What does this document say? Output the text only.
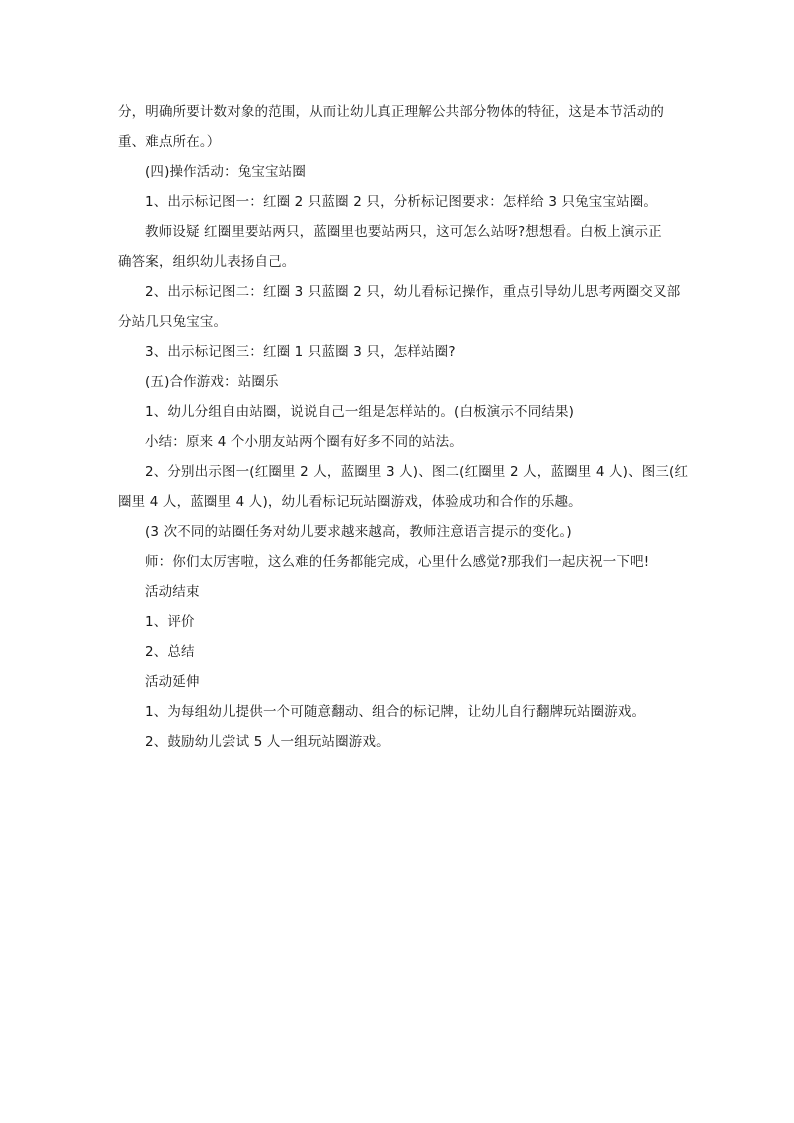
分，明确所要计数对象的范围，从而让幼儿真正理解公共部分物体的特征，这是本节活动的

重、难点所在。）

(四)操作活动：兔宝宝站圈

1、出示标记图一：红圈 2 只蓝圈 2 只，分析标记图要求：怎样给 3 只兔宝宝站圈。

教师设疑 红圈里要站两只，蓝圈里也要站两只，这可怎么站呀?想想看。白板上演示正

确答案，组织幼儿表扬自己。

2、出示标记图二：红圈 3 只蓝圈 2 只，幼儿看标记操作，重点引导幼儿思考两圈交叉部

分站几只兔宝宝。

3、出示标记图三：红圈 1 只蓝圈 3 只，怎样站圈?

(五)合作游戏：站圈乐

1、幼儿分组自由站圈，说说自己一组是怎样站的。(白板演示不同结果)

小结：原来 4 个小朋友站两个圈有好多不同的站法。

2、分别出示图一(红圈里 2 人，蓝圈里 3 人)、图二(红圈里 2 人，蓝圈里 4 人)、图三(红

圈里 4 人，蓝圈里 4 人)，幼儿看标记玩站圈游戏，体验成功和合作的乐趣。

(3 次不同的站圈任务对幼儿要求越来越高，教师注意语言提示的变化。)

师：你们太厉害啦，这么难的任务都能完成，心里什么感觉?那我们一起庆祝一下吧!

活动结束

1、评价

2、总结

活动延伸

1、为每组幼儿提供一个可随意翻动、组合的标记牌，让幼儿自行翻牌玩站圈游戏。

2、鼓励幼儿尝试 5 人一组玩站圈游戏。
